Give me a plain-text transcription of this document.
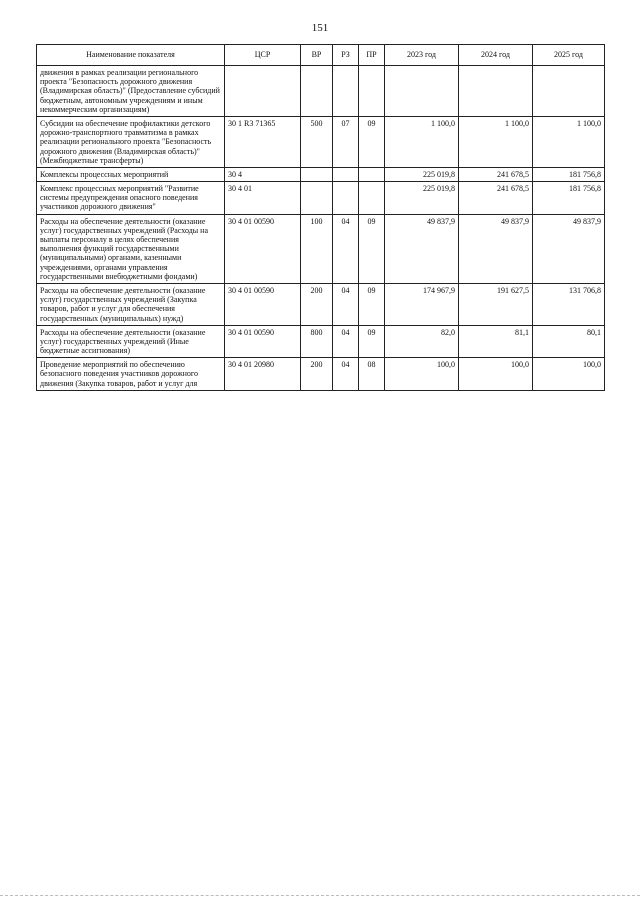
151
Наименование показателя	ЦСР	ВР	РЗ	ПР	2023 год	2024 год	2025 год
движения в рамках реализации регионального проекта "Безопасность дорожного движения (Владимирская область)" (Предоставление субсидий бюджетным, автономным учреждениям и иным некоммерческим организациям)							
Субсидии на обеспечение профилактики детского дорожно-транспортного травматизма в рамках реализации регионального проекта "Безопасность дорожного движения (Владимирская область)" (Межбюджетные трансферты)	30 1 R3 71365	500	07	09	1 100,0	1 100,0	1 100,0
Комплексы процессных мероприятий	30 4				225 019,8	241 678,5	181 756,8
Комплекс процессных мероприятий "Развитие системы предупреждения опасного поведения участников дорожного движения"	30 4 01				225 019,8	241 678,5	181 756,8
Расходы на обеспечение деятельности (оказание услуг) государственных учреждений (Расходы на выплаты персоналу в целях обеспечения выполнения функций государственными (муниципальными) органами, казенными учреждениями, органами управления государственными внебюджетными фондами)	30 4 01 00590	100	04	09	49 837,9	49 837,9	49 837,9
Расходы на обеспечение деятельности (оказание услуг) государственных учреждений (Закупка товаров, работ и услуг для обеспечения государственных (муниципальных) нужд)	30 4 01 00590	200	04	09	174 967,9	191 627,5	131 706,8
Расходы на обеспечение деятельности (оказание услуг) государственных учреждений (Иные бюджетные ассигнования)	30 4 01 00590	800	04	09	82,0	81,1	80,1
Проведение мероприятий по обеспечению безопасного поведения участников дорожного движения (Закупка товаров, работ и услуг для	30 4 01 20980	200	04	08	100,0	100,0	100,0
